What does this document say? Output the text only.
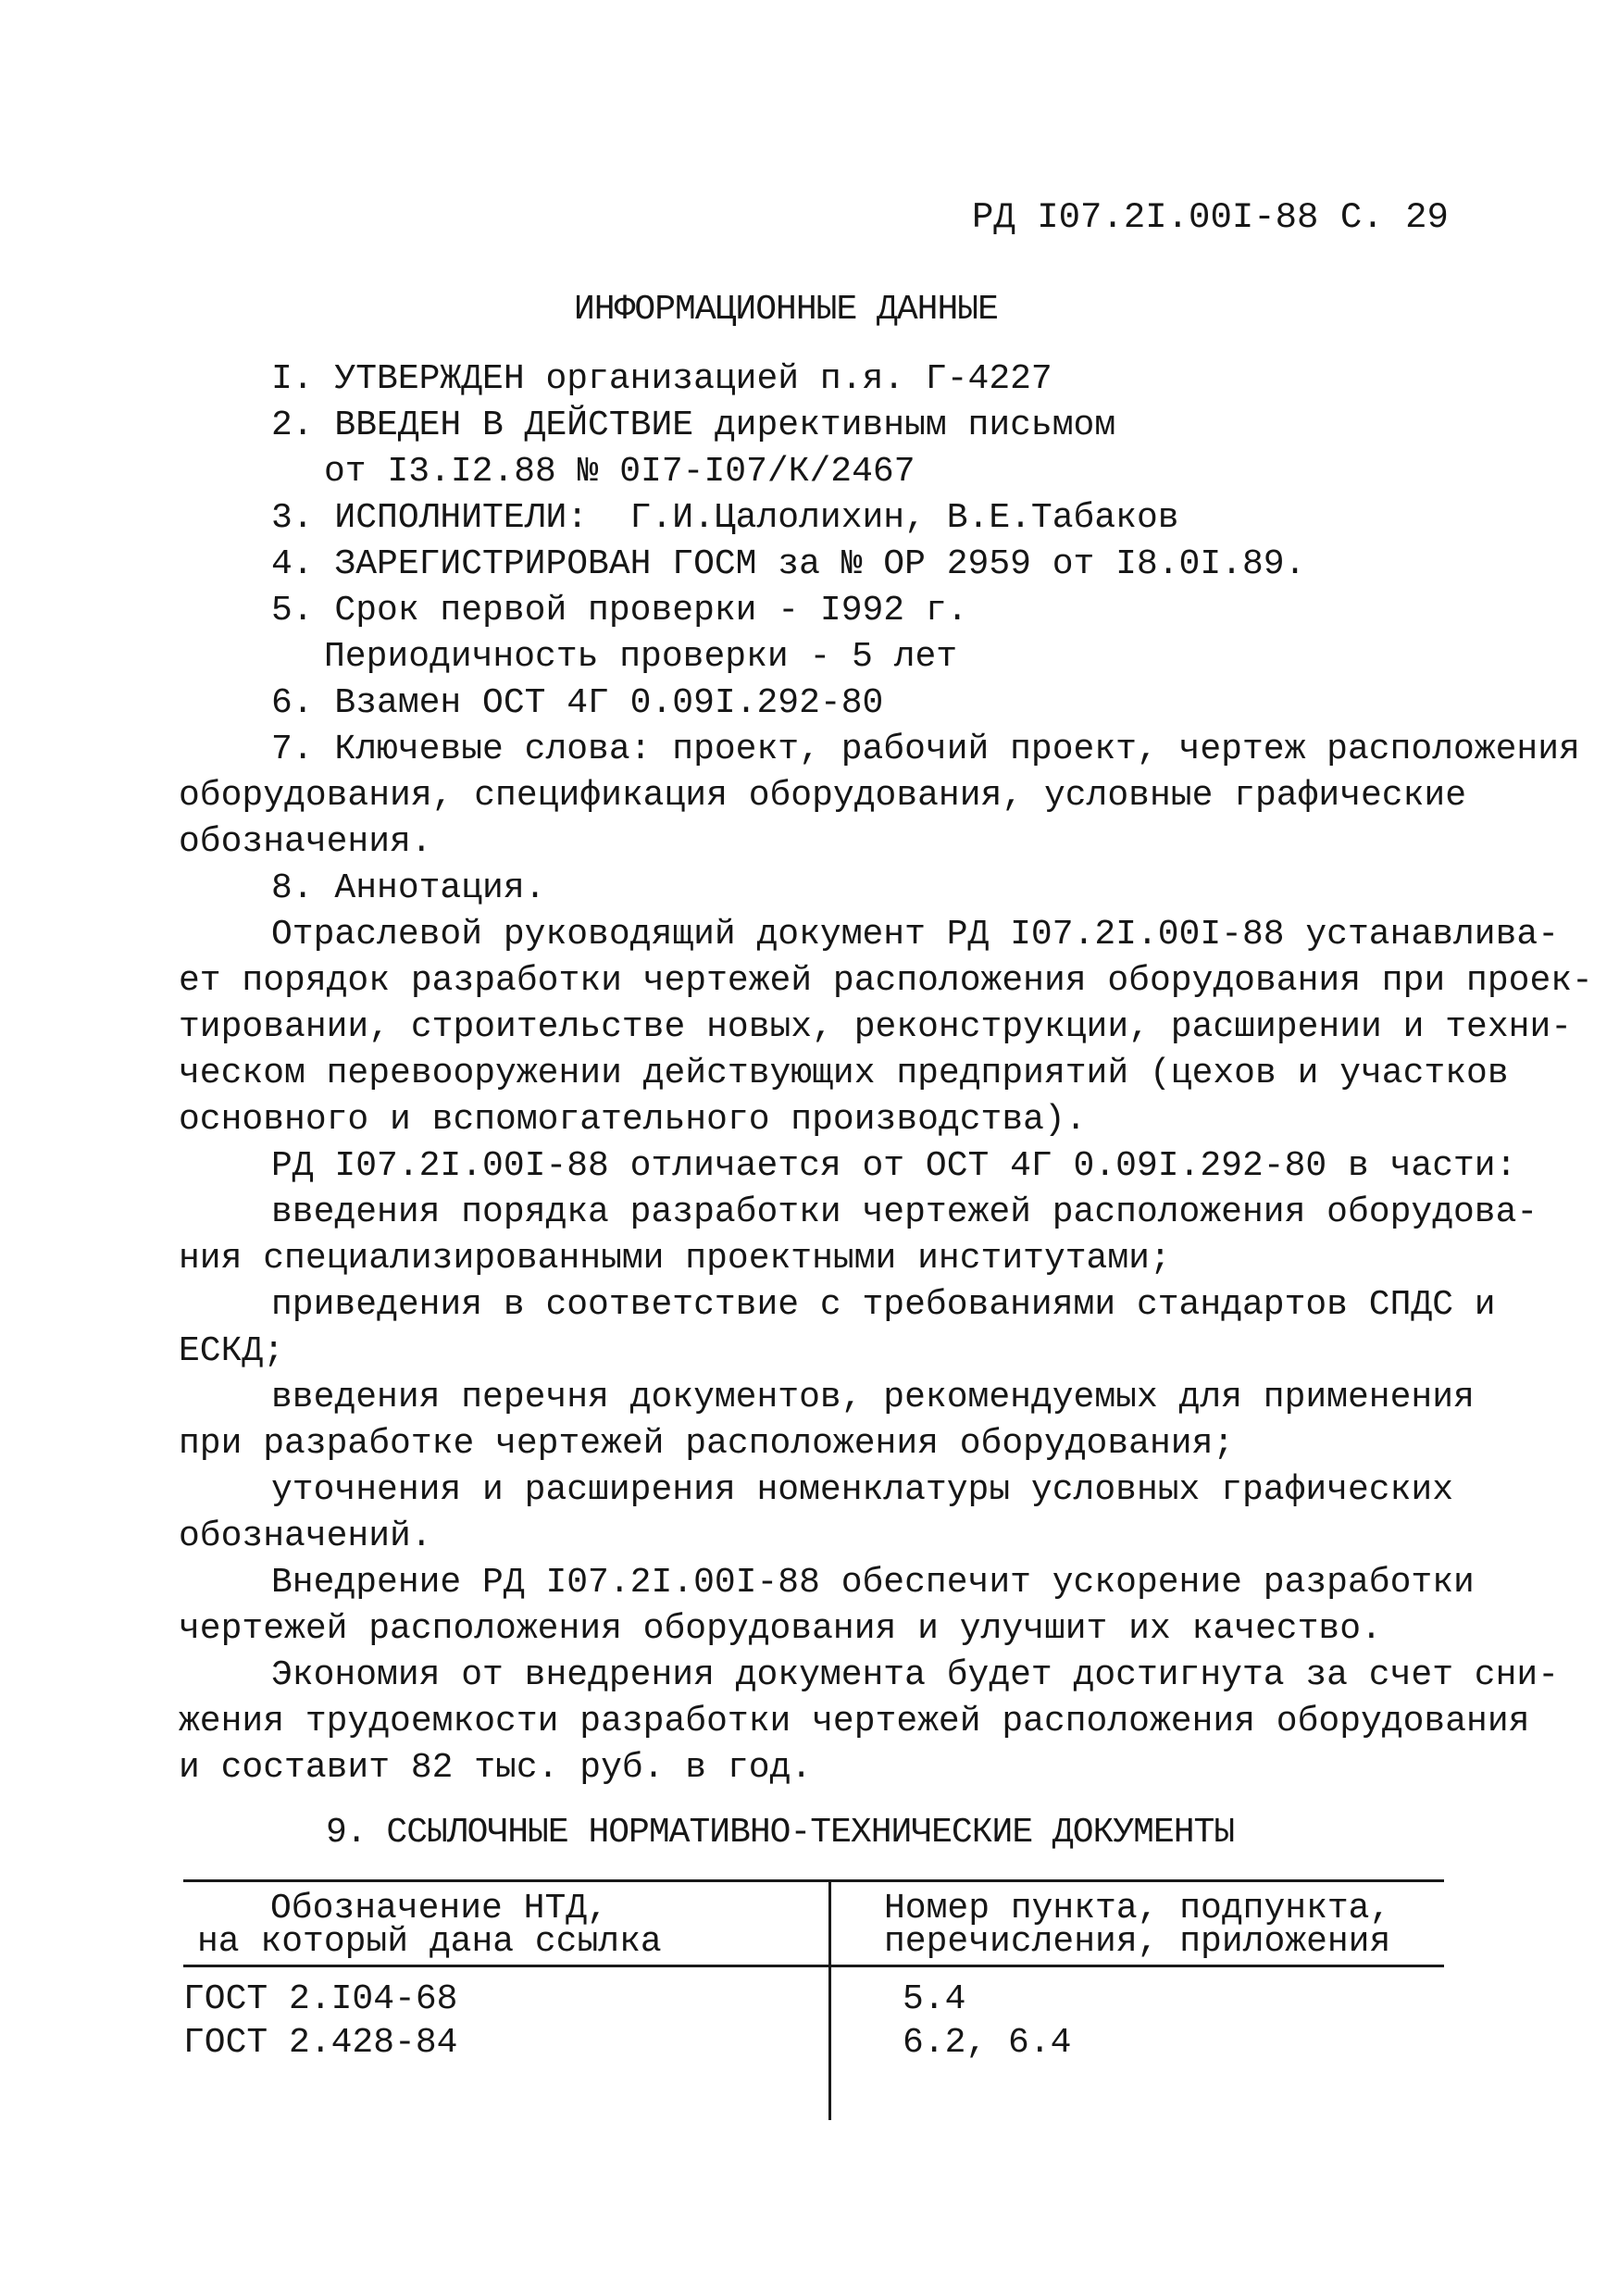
РД I07.2I.00I-88 С. 29
ИНФОРМАЦИОННЫЕ ДАННЫЕ
I. УТВЕРЖДЕН организацией п.я. Г-4227
2. ВВЕДЕН В ДЕЙСТВИЕ директивным письмом
от I3.I2.88 № 0I7-I07/К/2467
3. ИСПОЛНИТЕЛИ:  Г.И.Цалолихин, В.Е.Табаков
4. ЗАРЕГИСТРИРОВАН ГОСМ за № ОР 2959 от I8.0I.89.
5. Срок первой проверки - I992 г.
Периодичность проверки - 5 лет
6. Взамен ОСТ 4Г 0.09I.292-80
7. Ключевые слова: проект, рабочий проект, чертеж расположения
оборудования, спецификация оборудования, условные графические
обозначения.
8. Аннотация.
Отраслевой руководящий документ РД I07.2I.00I-88 устанавлива-
ет порядок разработки чертежей расположения оборудования при проек-
тировании, строительстве новых, реконструкции, расширении и техни-
ческом перевооружении действующих предприятий (цехов и участков
основного и вспомогательного производства).
РД I07.2I.00I-88 отличается от ОСТ 4Г 0.09I.292-80 в части:
введения порядка разработки чертежей расположения оборудова-
ния специализированными проектными институтами;
приведения в соответствие с требованиями стандартов СПДС и
ЕСКД;
введения перечня документов, рекомендуемых для применения
при разработке чертежей расположения оборудования;
уточнения и расширения номенклатуры условных графических
обозначений.
Внедрение РД I07.2I.00I-88 обеспечит ускорение разработки
чертежей расположения оборудования и улучшит их качество.
Экономия от внедрения документа будет достигнута за счет сни-
жения трудоемкости разработки чертежей расположения оборудования
и составит 82 тыс. руб. в год.
9. ССЫЛОЧНЫЕ НОРМАТИВНО-ТЕХНИЧЕСКИЕ ДОКУМЕНТЫ
Обозначение НТД,
на который дана ссылка
Номер пункта, подпункта,
перечисления, приложения
ГОСТ 2.I04-68	5.4
ГОСТ 2.428-84	6.2, 6.4
